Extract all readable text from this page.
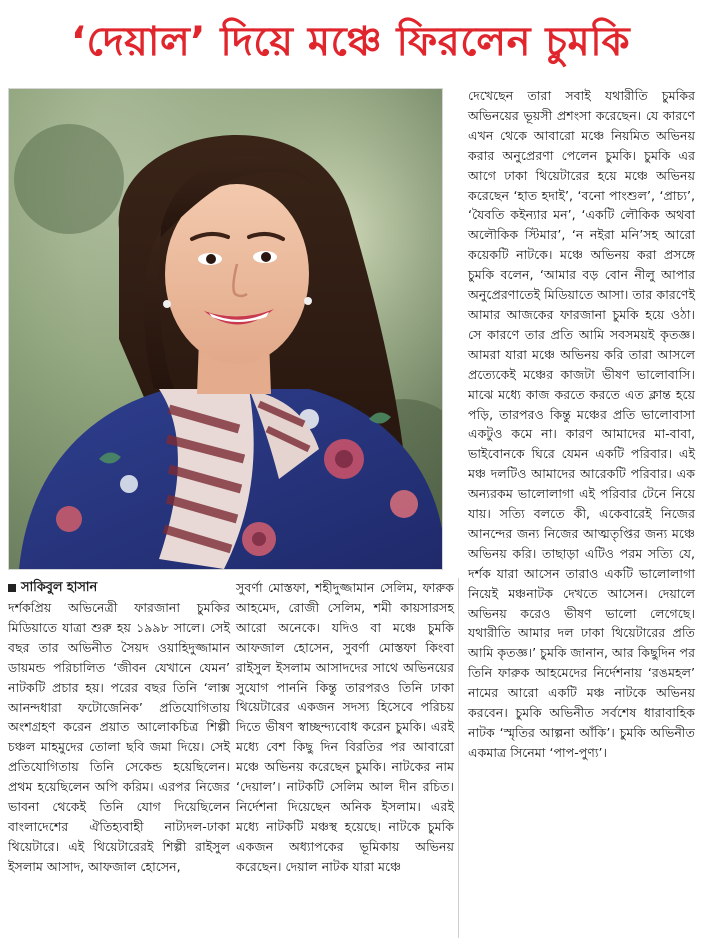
‘দেয়াল’ দিয়ে মঞ্চে ফিরলেন চুমকি

দেখেছেন তারা সবাই যথারীতি চুমকির অভিনয়ের ভূয়সী প্রশংসা করেছেন। যে কারণে এখন থেকে আবারো মঞ্চে নিয়মিত অভিনয় করার অনুপ্রেরণা পেলেন চুমকি। চুমকি এর আগে ঢাকা থিয়েটারের হয়ে মঞ্চে অভিনয় করেছেন ‘হাত হদাই’, ‘বনো পাংশুল’, ‘প্রাচ্য’, ‘যৈবতি কইন্যার মন’, ‘একটি লৌকিক অথবা অলৌকিক স্টিমার’, ‘ন নইরা মনি’সহ আরো কয়েকটি নাটকে। মঞ্চে অভিনয় করা প্রসঙ্গে চুমকি বলেন, ‘আমার বড় বোন নীলু আপার অনুপ্রেরণাতেই মিডিয়াতে আসা। তার কারণেই আমার আজকের ফারজানা চুমকি হয়ে ওঠা। সে কারণে তার প্রতি আমি সবসময়ই কৃতজ্ঞ। আমরা যারা মঞ্চে অভিনয় করি তারা আসলে প্রত্যেকেই মঞ্চের কাজটা ভীষণ ভালোবাসি। মাঝে মধ্যে কাজ করতে করতে এত ক্লান্ত হয়ে পড়ি, তারপরও কিন্তু মঞ্চের প্রতি ভালোবাসা একটুও কমে না। কারণ আমাদের মা-বাবা, ভাইবোনকে ঘিরে যেমন একটি পরিবার। এই মঞ্চ দলটিও আমাদের আরেকটি পরিবার। এক অন্যরকম ভালোলাগা এই পরিবার টেনে নিয়ে যায়। সত্যি বলতে কী, একেবারেই নিজের আনন্দের জন্য নিজের আত্মতৃপ্তির জন্য মঞ্চে অভিনয় করি। তাছাড়া এটিও পরম সত্যি যে, দর্শক যারা আসেন তারাও একটি ভালোলাগা নিয়েই মঞ্চনাটক দেখতে আসেন। দেয়ালে অভিনয় করেও ভীষণ ভালো লেগেছে। যথারীতি আমার দল ঢাকা থিয়েটারের প্রতি আমি কৃতজ্ঞ।’ চুমকি জানান, আর কিছুদিন পর তিনি ফারুক আহমেদের নির্দেশনায় ‘রঙমহল’ নামের আরো একটি মঞ্চ নাটকে অভিনয় করবেন। চুমকি অভিনীত সর্বশেষ ধারাবাহিক নাটক ‘স্মৃতির আল্পনা আঁকি’। চুমকি অভিনীত একমাত্র সিনেমা ‘পাপ-পুণ্য’।

সাকিবুল হাসান

দর্শকপ্রিয় অভিনেত্রী ফারজানা চুমকির মিডিয়াতে যাত্রা শুরু হয় ১৯৯৮ সালে। সেই বছর তার অভিনীত সৈয়দ ওয়াহিদুজ্জামান ডায়মন্ড পরিচালিত ‘জীবন যেখানে যেমন’ নাটকটি প্রচার হয়। পরের বছর তিনি ‘লাক্স আনন্দধারা ফটোজেনিক’ প্রতিযোগিতায় অংশগ্রহণ করেন প্রয়াত আলোকচিত্র শিল্পী চঞ্চল মাহমুদের তোলা ছবি জমা দিয়ে। সেই প্রতিযোগিতায় তিনি সেকেন্ড হয়েছিলেন। প্রথম হয়েছিলেন অপি করিম। এরপর নিজের ভাবনা থেকেই তিনি যোগ দিয়েছিলেন বাংলাদেশের ঐতিহ্যবাহী নাট্যদল-ঢাকা থিয়েটারে। এই থিয়েটারেরই শিল্পী রাইসুল ইসলাম আসাদ, আফজাল হোসেন,

সুবর্ণা মোস্তফা, শহীদুজ্জামান সেলিম, ফারুক আহমেদ, রোজী সেলিম, শমী কায়সারসহ আরো অনেকে। যদিও বা মঞ্চে চুমকি আফজাল হোসেন, সুবর্ণা মোস্তফা কিংবা রাইসুল ইসলাম আসাদদের সাথে অভিনয়ের সুযোগ পাননি কিন্তু তারপরও তিনি ঢাকা থিয়েটারের একজন সদস্য হিসেবে পরিচয় দিতে ভীষণ স্বাচ্ছন্দ্যবোধ করেন চুমকি। এরই মধ্যে বেশ কিছু দিন বিরতির পর আবারো মঞ্চে অভিনয় করেছেন চুমকি। নাটকের নাম ‘দেয়াল’। নাটকটি সেলিম আল দীন রচিত। নির্দেশনা দিয়েছেন অনিক ইসলাম। এরই মধ্যে নাটকটি মঞ্চস্থ হয়েছে। নাটকে চুমকি একজন অধ্যাপকের ভূমিকায় অভিনয় করেছেন। দেয়াল নাটক যারা মঞ্চে
